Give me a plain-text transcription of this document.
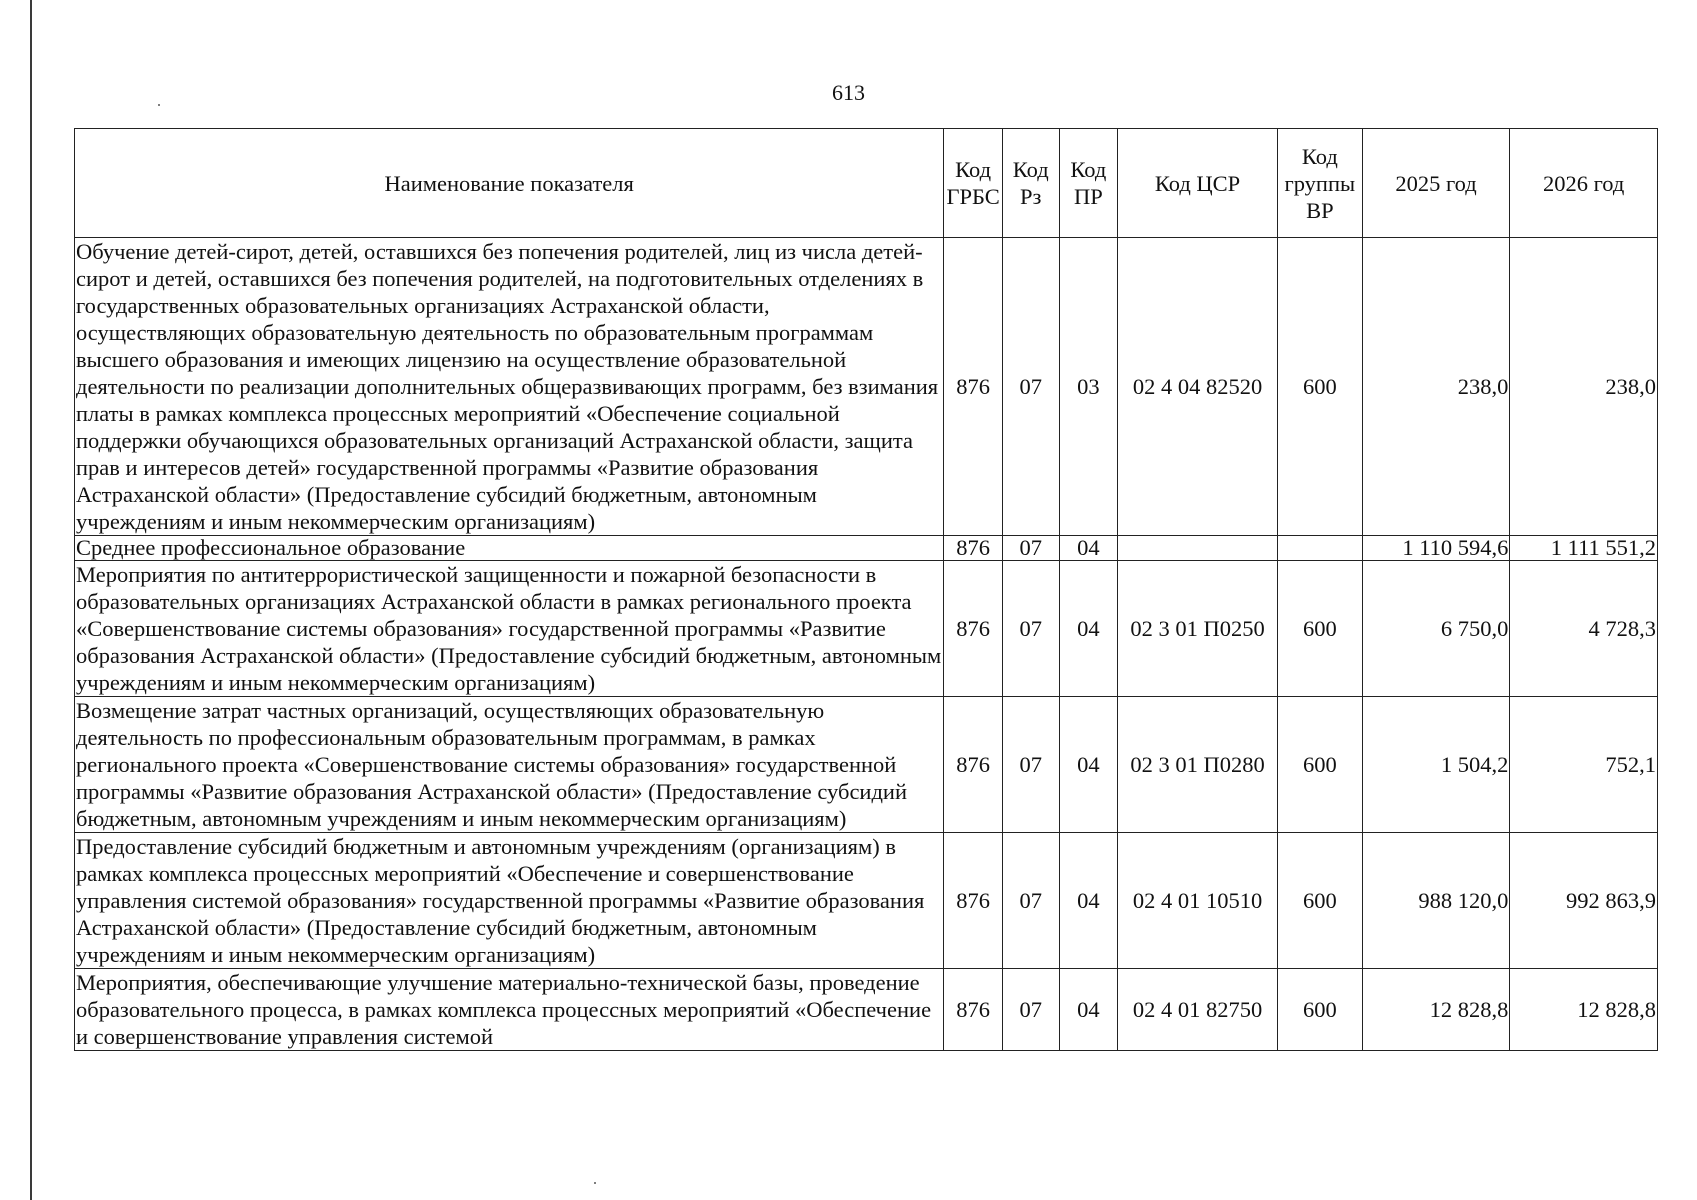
613
Наименование показателя	Код ГРБС	Код Рз	Код ПР	Код ЦСР	Код группы ВР	2025 год	2026 год
Обучение детей-сирот, детей, оставшихся без попечения родителей, лиц из числа детей-сирот и детей, оставшихся без попечения родителей, на подготовительных отделениях в государственных образовательных организациях Астраханской области, осуществляющих образовательную деятельность по образовательным программам высшего образования и имеющих лицензию на осуществление образовательной деятельности по реализации дополнительных общеразвивающих программ, без взимания платы в рамках комплекса процессных мероприятий «Обеспечение социальной поддержки обучающихся образовательных организаций Астраханской области, защита прав и интересов детей» государственной программы «Развитие образования Астраханской области» (Предоставление субсидий бюджетным, автономным учреждениям и иным некоммерческим организациям)	876	07	03	02 4 04 82520	600	238,0	238,0
Среднее профессиональное образование	876	07	04			1 110 594,6	1 111 551,2
Мероприятия по антитеррористической защищенности и пожарной безопасности в образовательных организациях Астраханской области в рамках регионального проекта «Совершенствование системы образования» государственной программы «Развитие образования Астраханской области» (Предоставление субсидий бюджетным, автономным учреждениям и иным некоммерческим организациям)	876	07	04	02 3 01 П0250	600	6 750,0	4 728,3
Возмещение затрат частных организаций, осуществляющих образовательную деятельность по профессиональным образовательным программам, в рамках регионального проекта «Совершенствование системы образования» государственной программы «Развитие образования Астраханской области» (Предоставление субсидий бюджетным, автономным учреждениям и иным некоммерческим организациям)	876	07	04	02 3 01 П0280	600	1 504,2	752,1
Предоставление субсидий бюджетным и автономным учреждениям (организациям) в рамках комплекса процессных мероприятий «Обеспечение и совершенствование управления системой образования» государственной программы «Развитие образования Астраханской области» (Предоставление субсидий бюджетным, автономным учреждениям и иным некоммерческим организациям)	876	07	04	02 4 01 10510	600	988 120,0	992 863,9
Мероприятия, обеспечивающие улучшение материально-технической базы, проведение образовательного процесса, в рамках комплекса процессных мероприятий «Обеспечение и совершенствование управления системой	876	07	04	02 4 01 82750	600	12 828,8	12 828,8
